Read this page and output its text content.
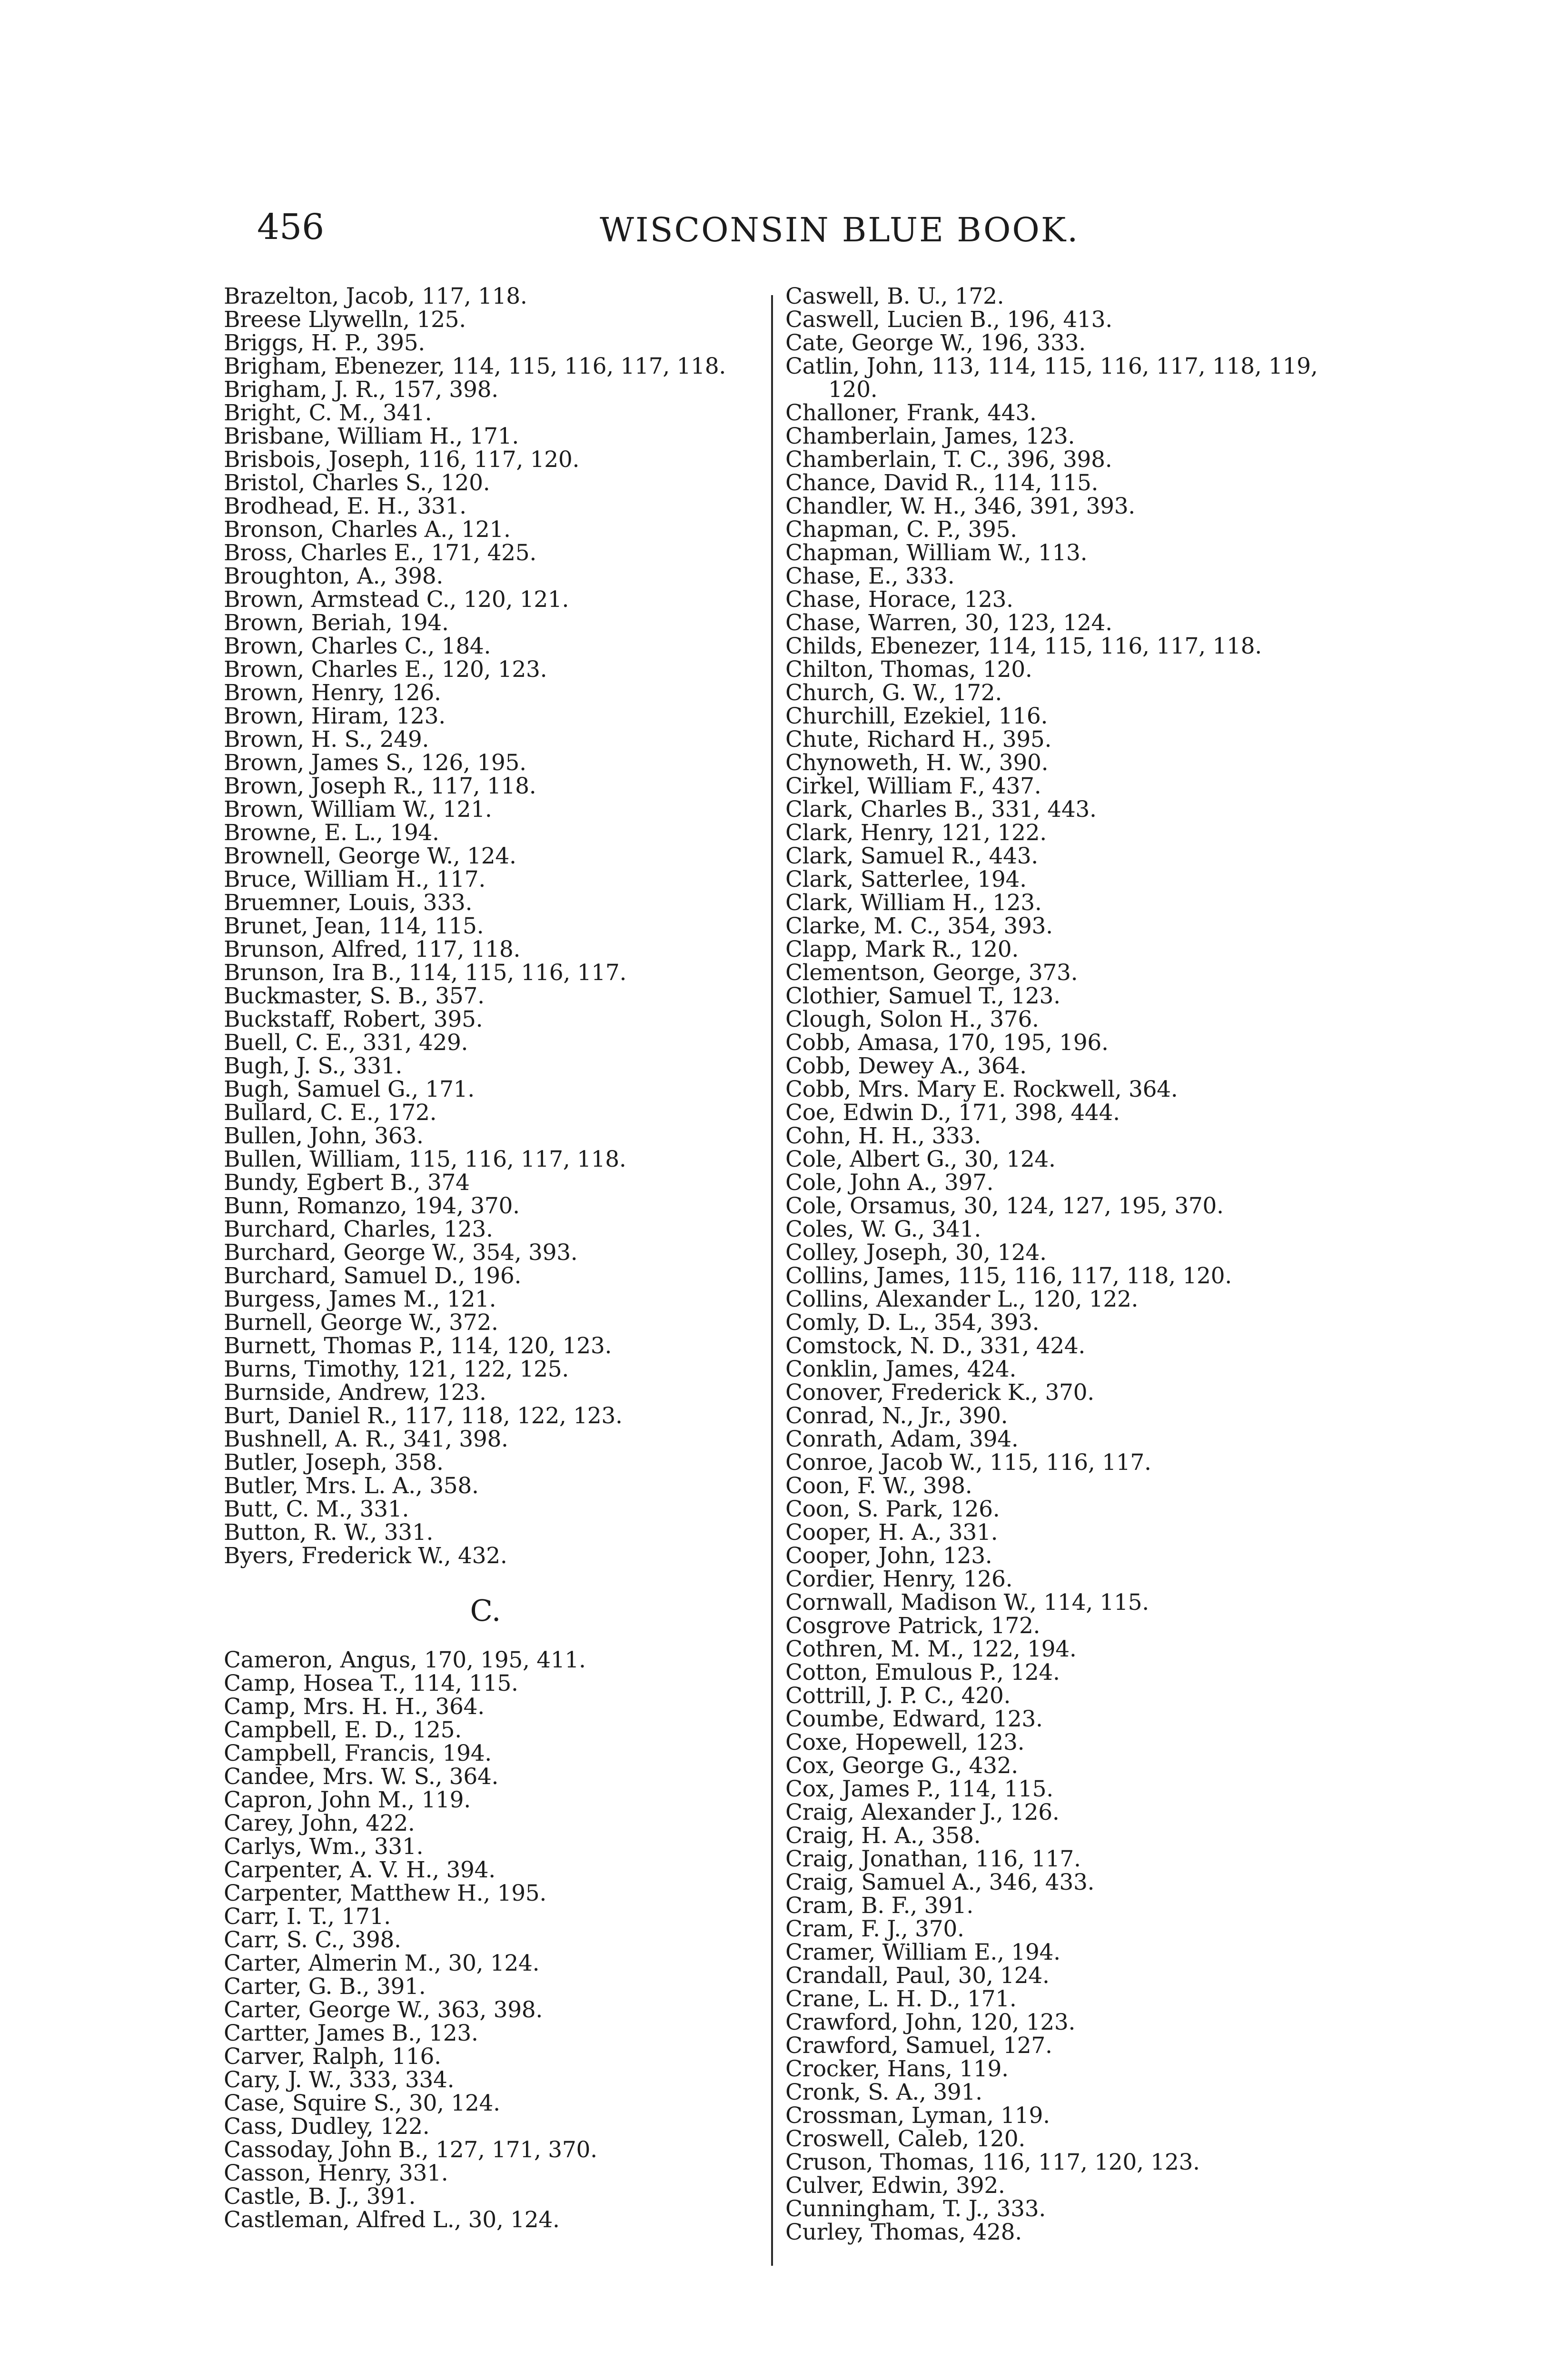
456	WISCONSIN BLUE BOOK.
Brazelton, Jacob, 117, 118.
Breese Llywelln, 125.
Briggs, H. P., 395.
Brigham, Ebenezer, 114, 115, 116, 117, 118.
Brigham, J. R., 157, 398.
Bright, C. M., 341.
Brisbane, William H., 171.
Brisbois, Joseph, 116, 117, 120.
Bristol, Charles S., 120.
Brodhead, E. H., 331.
Bronson, Charles A., 121.
Bross, Charles E., 171, 425.
Broughton, A., 398.
Brown, Armstead C., 120, 121.
Brown, Beriah, 194.
Brown, Charles C., 184.
Brown, Charles E., 120, 123.
Brown, Henry, 126.
Brown, Hiram, 123.
Brown, H. S., 249.
Brown, James S., 126, 195.
Brown, Joseph R., 117, 118.
Brown, William W., 121.
Browne, E. L., 194.
Brownell, George W., 124.
Bruce, William H., 117.
Bruemner, Louis, 333.
Brunet, Jean, 114, 115.
Brunson, Alfred, 117, 118.
Brunson, Ira B., 114, 115, 116, 117.
Buckmaster, S. B., 357.
Buckstaff, Robert, 395.
Buell, C. E., 331, 429.
Bugh, J. S., 331.
Bugh, Samuel G., 171.
Bullard, C. E., 172.
Bullen, John, 363.
Bullen, William, 115, 116, 117, 118.
Bundy, Egbert B., 374
Bunn, Romanzo, 194, 370.
Burchard, Charles, 123.
Burchard, George W., 354, 393.
Burchard, Samuel D., 196.
Burgess, James M., 121.
Burnell, George W., 372.
Burnett, Thomas P., 114, 120, 123.
Burns, Timothy, 121, 122, 125.
Burnside, Andrew, 123.
Burt, Daniel R., 117, 118, 122, 123.
Bushnell, A. R., 341, 398.
Butler, Joseph, 358.
Butler, Mrs. L. A., 358.
Butt, C. M., 331.
Button, R. W., 331.
Byers, Frederick W., 432.
C.
Cameron, Angus, 170, 195, 411.
Camp, Hosea T., 114, 115.
Camp, Mrs. H. H., 364.
Campbell, E. D., 125.
Campbell, Francis, 194.
Candee, Mrs. W. S., 364.
Capron, John M., 119.
Carey, John, 422.
Carlys, Wm., 331.
Carpenter, A. V. H., 394.
Carpenter, Matthew H., 195.
Carr, I. T., 171.
Carr, S. C., 398.
Carter, Almerin M., 30, 124.
Carter, G. B., 391.
Carter, George W., 363, 398.
Cartter, James B., 123.
Carver, Ralph, 116.
Cary, J. W., 333, 334.
Case, Squire S., 30, 124.
Cass, Dudley, 122.
Cassoday, John B., 127, 171, 370.
Casson, Henry, 331.
Castle, B. J., 391.
Castleman, Alfred L., 30, 124.
Caswell, B. U., 172.
Caswell, Lucien B., 196, 413.
Cate, George W., 196, 333.
Catlin, John, 113, 114, 115, 116, 117, 118, 119,
120.
Challoner, Frank, 443.
Chamberlain, James, 123.
Chamberlain, T. C., 396, 398.
Chance, David R., 114, 115.
Chandler, W. H., 346, 391, 393.
Chapman, C. P., 395.
Chapman, William W., 113.
Chase, E., 333.
Chase, Horace, 123.
Chase, Warren, 30, 123, 124.
Childs, Ebenezer, 114, 115, 116, 117, 118.
Chilton, Thomas, 120.
Church, G. W., 172.
Churchill, Ezekiel, 116.
Chute, Richard H., 395.
Chynoweth, H. W., 390.
Cirkel, William F., 437.
Clark, Charles B., 331, 443.
Clark, Henry, 121, 122.
Clark, Samuel R., 443.
Clark, Satterlee, 194.
Clark, William H., 123.
Clarke, M. C., 354, 393.
Clapp, Mark R., 120.
Clementson, George, 373.
Clothier, Samuel T., 123.
Clough, Solon H., 376.
Cobb, Amasa, 170, 195, 196.
Cobb, Dewey A., 364.
Cobb, Mrs. Mary E. Rockwell, 364.
Coe, Edwin D., 171, 398, 444.
Cohn, H. H., 333.
Cole, Albert G., 30, 124.
Cole, John A., 397.
Cole, Orsamus, 30, 124, 127, 195, 370.
Coles, W. G., 341.
Colley, Joseph, 30, 124.
Collins, James, 115, 116, 117, 118, 120.
Collins, Alexander L., 120, 122.
Comly, D. L., 354, 393.
Comstock, N. D., 331, 424.
Conklin, James, 424.
Conover, Frederick K., 370.
Conrad, N., Jr., 390.
Conrath, Adam, 394.
Conroe, Jacob W., 115, 116, 117.
Coon, F. W., 398.
Coon, S. Park, 126.
Cooper, H. A., 331.
Cooper, John, 123.
Cordier, Henry, 126.
Cornwall, Madison W., 114, 115.
Cosgrove Patrick, 172.
Cothren, M. M., 122, 194.
Cotton, Emulous P., 124.
Cottrill, J. P. C., 420.
Coumbe, Edward, 123.
Coxe, Hopewell, 123.
Cox, George G., 432.
Cox, James P., 114, 115.
Craig, Alexander J., 126.
Craig, H. A., 358.
Craig, Jonathan, 116, 117.
Craig, Samuel A., 346, 433.
Cram, B. F., 391.
Cram, F. J., 370.
Cramer, William E., 194.
Crandall, Paul, 30, 124.
Crane, L. H. D., 171.
Crawford, John, 120, 123.
Crawford, Samuel, 127.
Crocker, Hans, 119.
Cronk, S. A., 391.
Crossman, Lyman, 119.
Croswell, Caleb, 120.
Cruson, Thomas, 116, 117, 120, 123.
Culver, Edwin, 392.
Cunningham, T. J., 333.
Curley, Thomas, 428.
